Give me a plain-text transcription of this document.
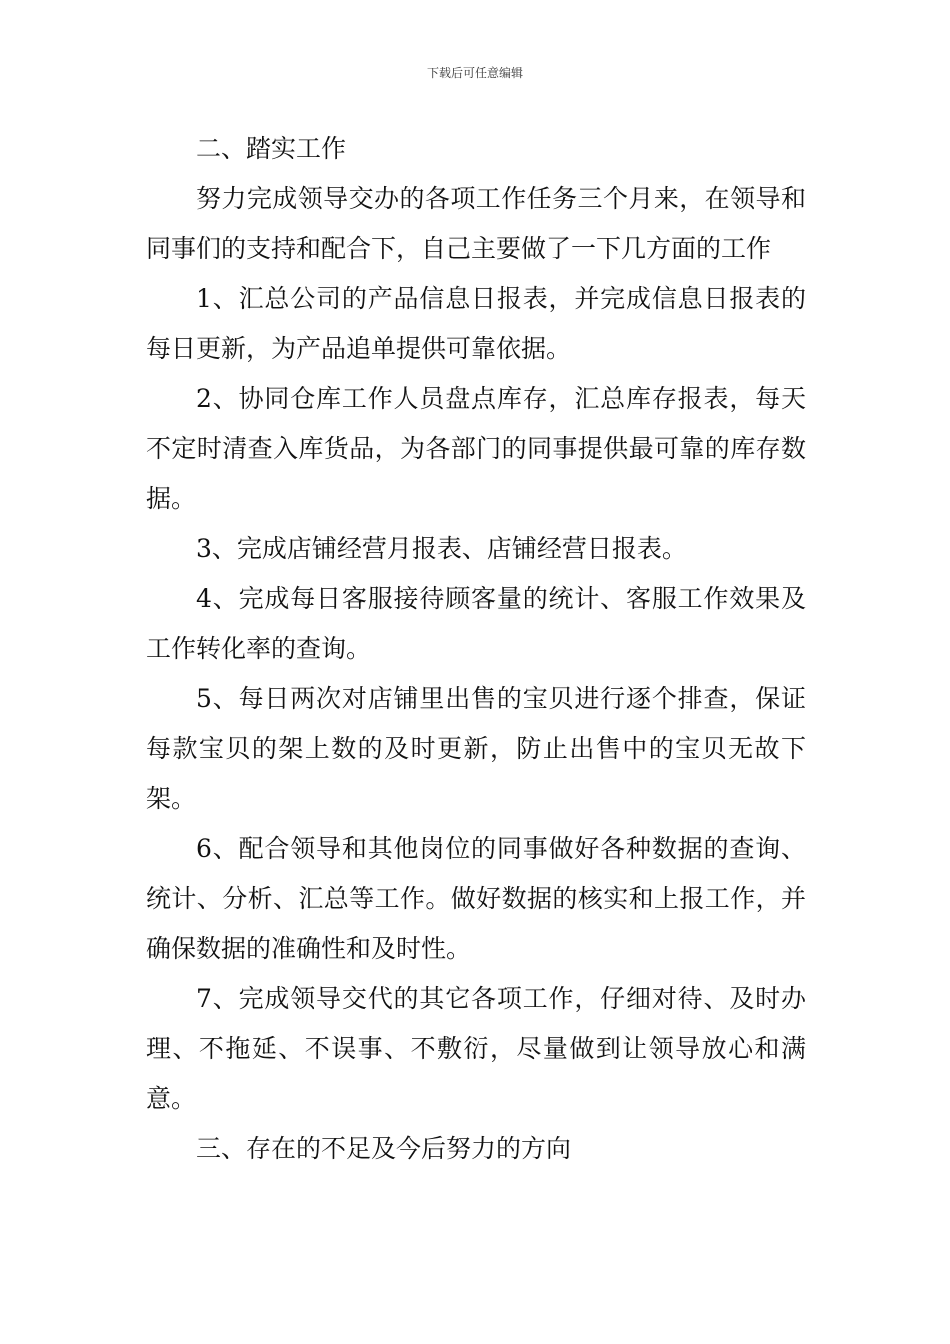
下载后可任意编辑

二、踏实工作

努力完成领导交办的各项工作任务三个月来，在领导和同事们的支持和配合下，自己主要做了一下几方面的工作

1、汇总公司的产品信息日报表，并完成信息日报表的每日更新，为产品追单提供可靠依据。

2、协同仓库工作人员盘点库存，汇总库存报表，每天不定时清查入库货品，为各部门的同事提供最可靠的库存数据。

3、完成店铺经营月报表、店铺经营日报表。

4、完成每日客服接待顾客量的统计、客服工作效果及工作转化率的查询。

5、每日两次对店铺里出售的宝贝进行逐个排查，保证每款宝贝的架上数的及时更新，防止出售中的宝贝无故下架。

6、配合领导和其他岗位的同事做好各种数据的查询、统计、分析、汇总等工作。做好数据的核实和上报工作，并确保数据的准确性和及时性。

7、完成领导交代的其它各项工作，仔细对待、及时办理、不拖延、不误事、不敷衍，尽量做到让领导放心和满意。

三、存在的不足及今后努力的方向
